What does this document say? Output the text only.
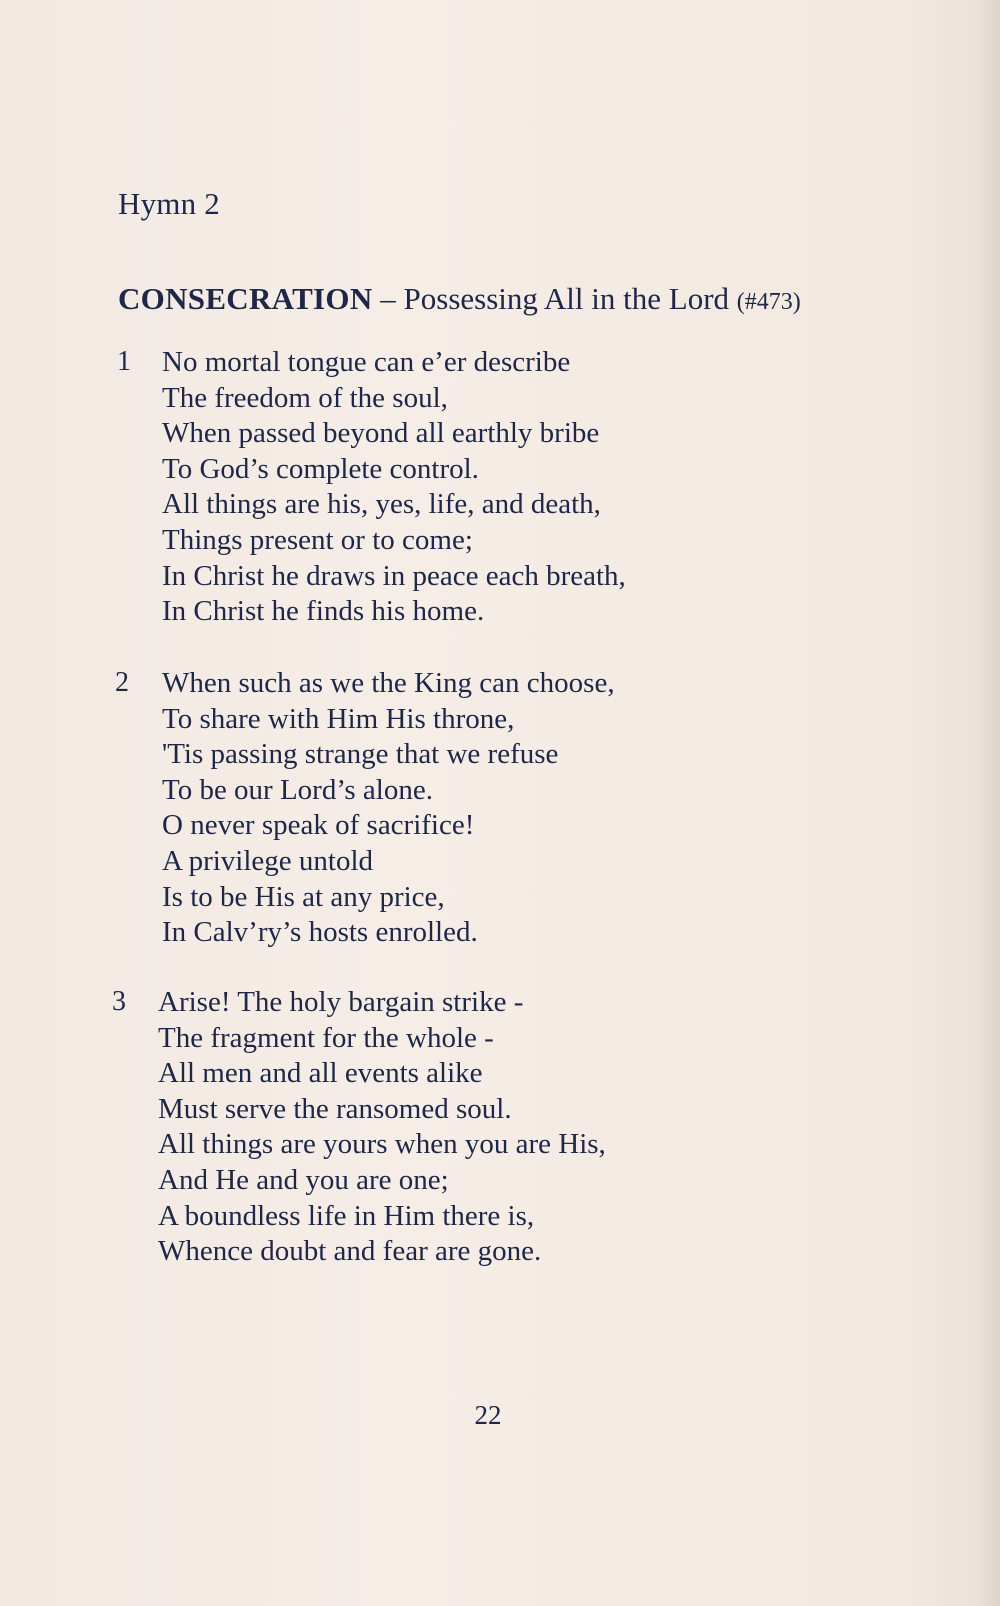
Hymn 2
CONSECRATION – Possessing All in the Lord (#473)
1 No mortal tongue can e’er describe
The freedom of the soul,
When passed beyond all earthly bribe
To God’s complete control.
All things are his, yes, life, and death,
Things present or to come;
In Christ he draws in peace each breath,
In Christ he finds his home.
2 When such as we the King can choose,
To share with Him His throne,
'Tis passing strange that we refuse
To be our Lord’s alone.
O never speak of sacrifice!
A privilege untold
Is to be His at any price,
In Calv’ry’s hosts enrolled.
3 Arise! The holy bargain strike -
The fragment for the whole -
All men and all events alike
Must serve the ransomed soul.
All things are yours when you are His,
And He and you are one;
A boundless life in Him there is,
Whence doubt and fear are gone.
22
